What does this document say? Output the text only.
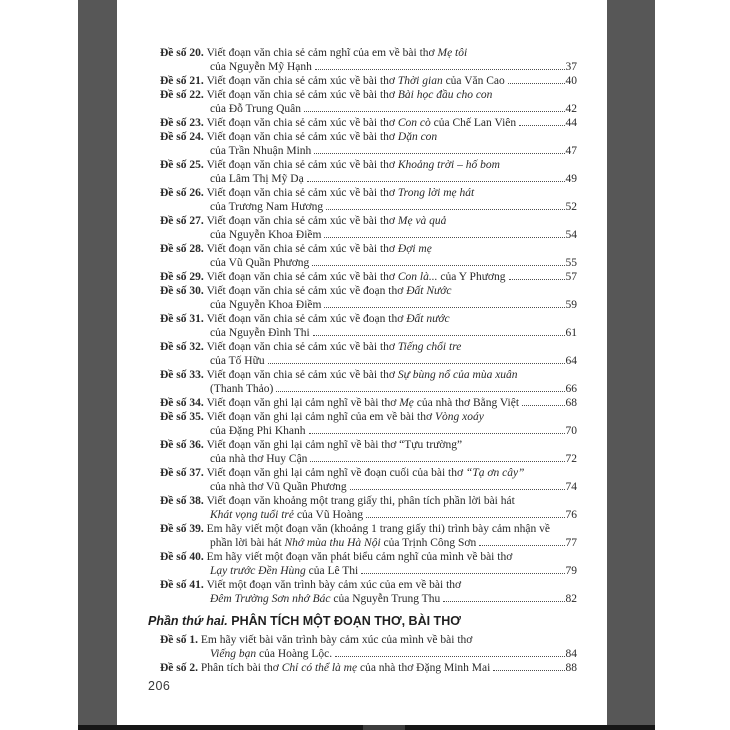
Đề số 20. Viết đoạn văn chia sẻ cảm nghĩ của em về bài thơ Mẹ tôi
của Nguyễn Mỹ Hạnh	37
Đề số 21. Viết đoạn văn chia sẻ cảm xúc về bài thơ Thời gian của Văn Cao	40
Đề số 22. Viết đoạn văn chia sẻ cảm xúc về bài thơ Bài học đầu cho con
của Đỗ Trung Quân	42
Đề số 23. Viết đoạn văn chia sẻ cảm xúc về bài thơ Con cò của Chế Lan Viên	44
Đề số 24. Viết đoạn văn chia sẻ cảm xúc về bài thơ Dặn con
của Trần Nhuận Minh	47
Đề số 25. Viết đoạn văn chia sẻ cảm xúc về bài thơ Khoảng trời – hố bom
của Lâm Thị Mỹ Dạ	49
Đề số 26. Viết đoạn văn chia sẻ cảm xúc về bài thơ Trong lời mẹ hát
của Trương Nam Hương	52
Đề số 27. Viết đoạn văn chia sẻ cảm xúc về bài thơ Mẹ và quả
của Nguyễn Khoa Điềm	54
Đề số 28. Viết đoạn văn chia sẻ cảm xúc về bài thơ Đợi mẹ
của Vũ Quần Phương	55
Đề số 29. Viết đoạn văn chia sẻ cảm xúc về bài thơ Con là... của Y Phương	57
Đề số 30. Viết đoạn văn chia sẻ cảm xúc về đoạn thơ Đất Nước
của Nguyễn Khoa Điềm	59
Đề số 31. Viết đoạn văn chia sẻ cảm xúc về đoạn thơ Đất nước
của Nguyễn Đình Thi	61
Đề số 32. Viết đoạn văn chia sẻ cảm xúc về bài thơ Tiếng chổi tre
của Tố Hữu	64
Đề số 33. Viết đoạn văn chia sẻ cảm xúc về bài thơ Sự bùng nổ của mùa xuân
(Thanh Thảo)	66
Đề số 34. Viết đoạn văn ghi lại cảm nghĩ về bài thơ Mẹ của nhà thơ Bằng Việt	68
Đề số 35. Viết đoạn văn ghi lại cảm nghĩ của em về bài thơ Vòng xoáy
của Đặng Phi Khanh	70
Đề số 36. Viết đoạn văn ghi lại cảm nghĩ về bài thơ “Tựu trường”
của nhà thơ Huy Cận	72
Đề số 37. Viết đoạn văn ghi lại cảm nghĩ về đoạn cuối của bài thơ “Tạ ơn cây”
của nhà thơ Vũ Quần Phương	74
Đề số 38. Viết đoạn văn khoảng một trang giấy thi, phân tích phần lời bài hát
Khát vọng tuổi trẻ của Vũ Hoàng	76
Đề số 39. Em hãy viết một đoạn văn (khoảng 1 trang giấy thi) trình bày cảm nhận về
phần lời bài hát Nhớ mùa thu Hà Nội của Trịnh Công Sơn	77
Đề số 40. Em hãy viết một đoạn văn phát biểu cảm nghĩ của mình về bài thơ
Lạy trước Đền Hùng của Lê Thi	79
Đề số 41. Viết một đoạn văn trình bày cảm xúc của em về bài thơ
Đêm Trường Sơn nhớ Bác của Nguyễn Trung Thu	82
Phần thứ hai. PHÂN TÍCH MỘT ĐOẠN THƠ, BÀI THƠ
Đề số 1. Em hãy viết bài văn trình bày cảm xúc của mình về bài thơ
Viếng bạn của Hoàng Lộc.	84
Đề số 2. Phân tích bài thơ Chỉ có thể là mẹ của nhà thơ Đặng Minh Mai	88
206
